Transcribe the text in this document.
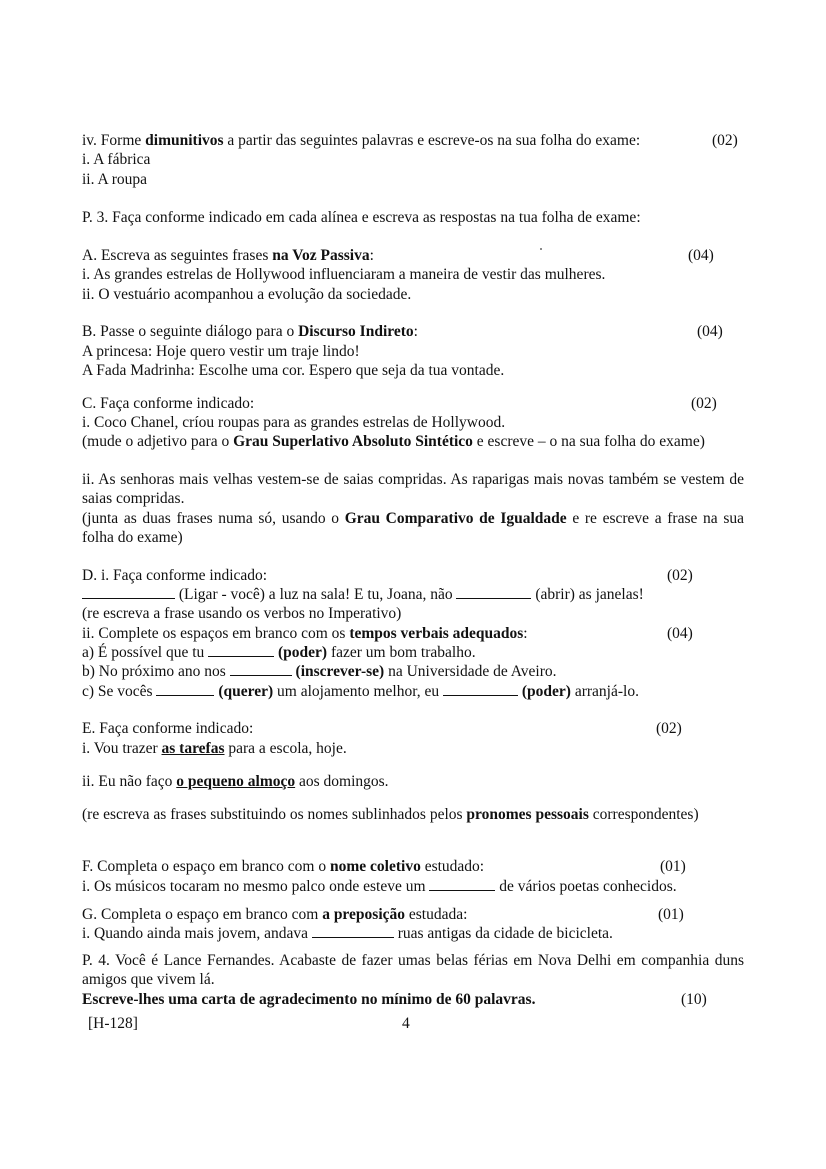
iv. Forme dimunitivos a partir das seguintes palavras e escreve-os na sua folha do exame:	(02)
i. A fábrica
ii. A roupa
P. 3. Faça conforme indicado em cada alínea e escreva as respostas na tua folha de exame:
A. Escreva as seguintes frases na Voz Passiva:	(04)
i. As grandes estrelas de Hollywood influenciaram a maneira de vestir das mulheres.
ii. O vestuário acompanhou a evolução da sociedade.
B. Passe o seguinte diálogo para o Discurso Indireto:	(04)
A princesa: Hoje quero vestir um traje lindo!
A Fada Madrinha: Escolhe uma cor. Espero que seja da tua vontade.
C. Faça conforme indicado:	(02)
i. Coco Chanel, críou roupas para as grandes estrelas de Hollywood.
(mude o adjetivo para o Grau Superlativo Absoluto Sintético e escreve – o na sua folha do exame)
ii. As senhoras mais velhas vestem-se de saias compridas. As raparigas mais novas também se vestem de saias compridas.
(junta as duas frases numa só, usando o Grau Comparativo de Igualdade e re escreve a frase na sua folha do exame)
D. i. Faça conforme indicado:	(02)
(Ligar - você) a luz na sala! E tu, Joana, não	(abrir) as janelas!
(re escreva a frase usando os verbos no Imperativo)
ii. Complete os espaços em branco com os tempos verbais adequados:	(04)
a) É possível que tu	(poder) fazer um bom trabalho.
b) No próximo ano nos	(inscrever-se) na Universidade de Aveiro.
c) Se vocês	(querer) um alojamento melhor, eu	(poder) arranjá-lo.
E. Faça conforme indicado:	(02)
i. Vou trazer as tarefas para a escola, hoje.
ii. Eu não faço o pequeno almoço aos domingos.
(re escreva as frases substituindo os nomes sublinhados pelos pronomes pessoais correspondentes)
F. Completa o espaço em branco com o nome coletivo estudado:	(01)
i. Os músicos tocaram no mesmo palco onde esteve um	de vários poetas conhecidos.
G. Completa o espaço em branco com a preposição estudada:	(01)
i. Quando ainda mais jovem, andava	ruas antigas da cidade de bicicleta.
P. 4. Você é Lance Fernandes. Acabaste de fazer umas belas férias em Nova Delhi em companhia duns amigos que vivem lá.
Escreve-lhes uma carta de agradecimento no mínimo de 60 palavras.	(10)
[H-128]	4
